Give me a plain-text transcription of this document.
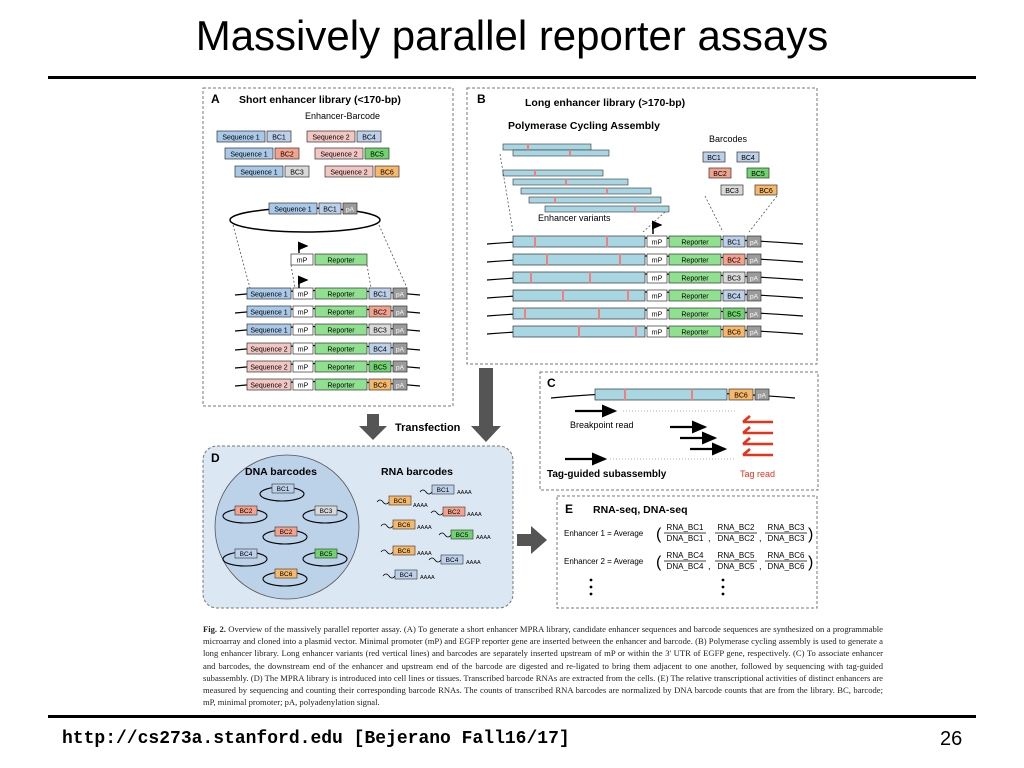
Massively parallel reporter assays
A Short enhancer library (<170-bp)
Enhancer-Barcode
Sequence 1 BC1	Sequence 2 BC4
Sequence 1 BC2	Sequence 2 BC5
Sequence 1 BC3	Sequence 2 BC6
Sequence 1 BC1 pA
mP	Reporter
Sequence 1 mP	Reporter	BC1 pA
Sequence 1 mP	Reporter	BC2 pA
Sequence 1 mP	Reporter	BC3 pA
Sequence 2 mP	Reporter	BC4 pA
Sequence 2 mP	Reporter	BC5 pA
Sequence 2 mP	Reporter	BC6 pA
B	Long enhancer library (>170-bp)
Polymerase Cycling Assembly
Barcodes
Enhancer variants
BC1	BC4
BC2	BC5
BC3	BC6
mP	Reporter	BC1 pA
mP	Reporter	BC2 pA
mP	Reporter	BC3 pA
mP	Reporter	BC4 pA
mP	Reporter	BC5 pA
mP	Reporter	BC6 pA
Transfection
C
BC6 pA
Breakpoint read
Tag-guided subassembly	Tag read
D
DNA barcodes	RNA barcodes
BC1
BC2	BC3
BC2
BC4	BC5
BC6
BC6
AAAA
BC1 AAAA
BC2 AAAA
BC6 AAAA
BC5 AAAA
BC6 AAAA
BC4 AAAA
BC4 AAAA
E RNA-seq, DNA-seq
Enhancer 1 = Average ( RNA_BC1
DNA_BC1 ,
RNA_BC2
DNA_BC2 ,
RNA_BC3
DNA_BC3 )
Enhancer 2 = Average ( RNA_BC4
DNA_BC4 ,
RNA_BC5
DNA_BC5 ,
RNA_BC6
DNA_BC6 )
Fig. 2. Overview of the massively parallel reporter assay. (A) To generate a short enhancer MPRA library, candidate enhancer sequences and barcode sequences are synthesized on a programmable microarray and cloned into a plasmid vector. Minimal promoter (mP) and EGFP reporter gene are inserted between the enhancer and barcode. (B) Polymerase cycling assembly is used to generate a long enhancer library. Long enhancer variants (red vertical lines) and barcodes are separately inserted upstream of mP or within the 3' UTR of EGFP gene, respectively. (C) To associate enhancer and barcodes, the downstream end of the enhancer and upstream end of the barcode are digested and re-ligated to bring them adjacent to one another, followed by sequencing with tag-guided subassembly. (D) The MPRA library is introduced into cell lines or tissues. Transcribed barcode RNAs are extracted from the cells. (E) The relative transcriptional activities of distinct enhancers are measured by sequencing and counting their corresponding barcode RNAs. The counts of transcribed RNA barcodes are normalized by DNA barcode counts that are from the library. BC, barcode; mP, minimal promoter; pA, polyadenylation signal.
http://cs273a.stanford.edu [Bejerano Fall16/17]	26
